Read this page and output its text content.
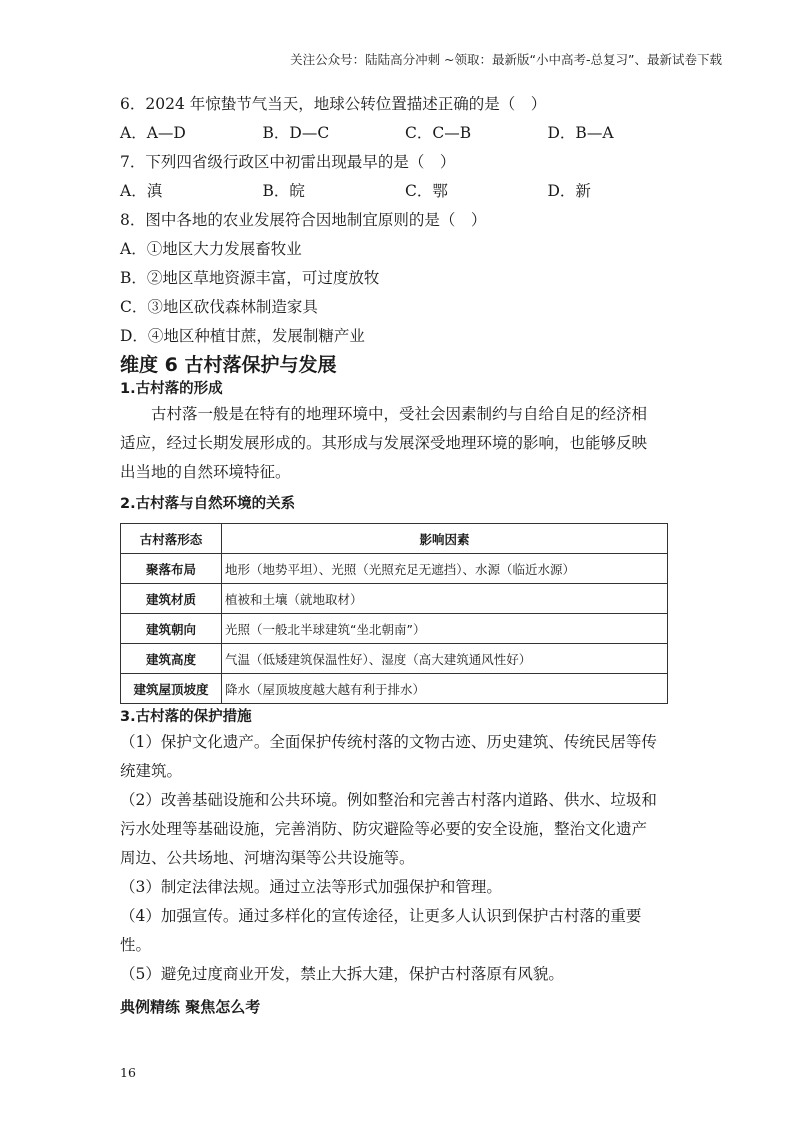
关注公众号：陆陆高分冲刺 ~领取：最新版“小中高考-总复习”、最新试卷下载
6．2024 年惊蛰节气当天，地球公转位置描述正确的是（　）
A．A—D	B．D—C	C．C—B	D．B—A
7．下列四省级行政区中初雷出现最早的是（　）
A．滇	B．皖	C．鄂	D．新
8．图中各地的农业发展符合因地制宜原则的是（　）
A．①地区大力发展畜牧业
B．②地区草地资源丰富，可过度放牧
C．③地区砍伐森林制造家具
D．④地区种植甘蔗，发展制糖产业
维度 6 古村落保护与发展
1.古村落的形成
古村落一般是在特有的地理环境中，受社会因素制约与自给自足的经济相
适应，经过长期发展形成的。其形成与发展深受地理环境的影响，也能够反映
出当地的自然环境特征。
2.古村落与自然环境的关系
古村落形态	影响因素
聚落布局	地形（地势平坦）、光照（光照充足无遮挡）、水源（临近水源）
建筑材质	植被和土壤（就地取材）
建筑朝向	光照（一般北半球建筑“坐北朝南”）
建筑高度	气温（低矮建筑保温性好）、湿度（高大建筑通风性好）
建筑屋顶坡度	降水（屋顶坡度越大越有利于排水）
3.古村落的保护措施
（1）保护文化遗产。全面保护传统村落的文物古迹、历史建筑、传统民居等传
统建筑。
（2）改善基础设施和公共环境。例如整治和完善古村落内道路、供水、垃圾和
污水处理等基础设施，完善消防、防灾避险等必要的安全设施，整治文化遗产
周边、公共场地、河塘沟渠等公共设施等。
（3）制定法律法规。通过立法等形式加强保护和管理。
（4）加强宣传。通过多样化的宣传途径，让更多人认识到保护古村落的重要
性。
（5）避免过度商业开发，禁止大拆大建，保护古村落原有风貌。
典例精练 聚焦怎么考
16
